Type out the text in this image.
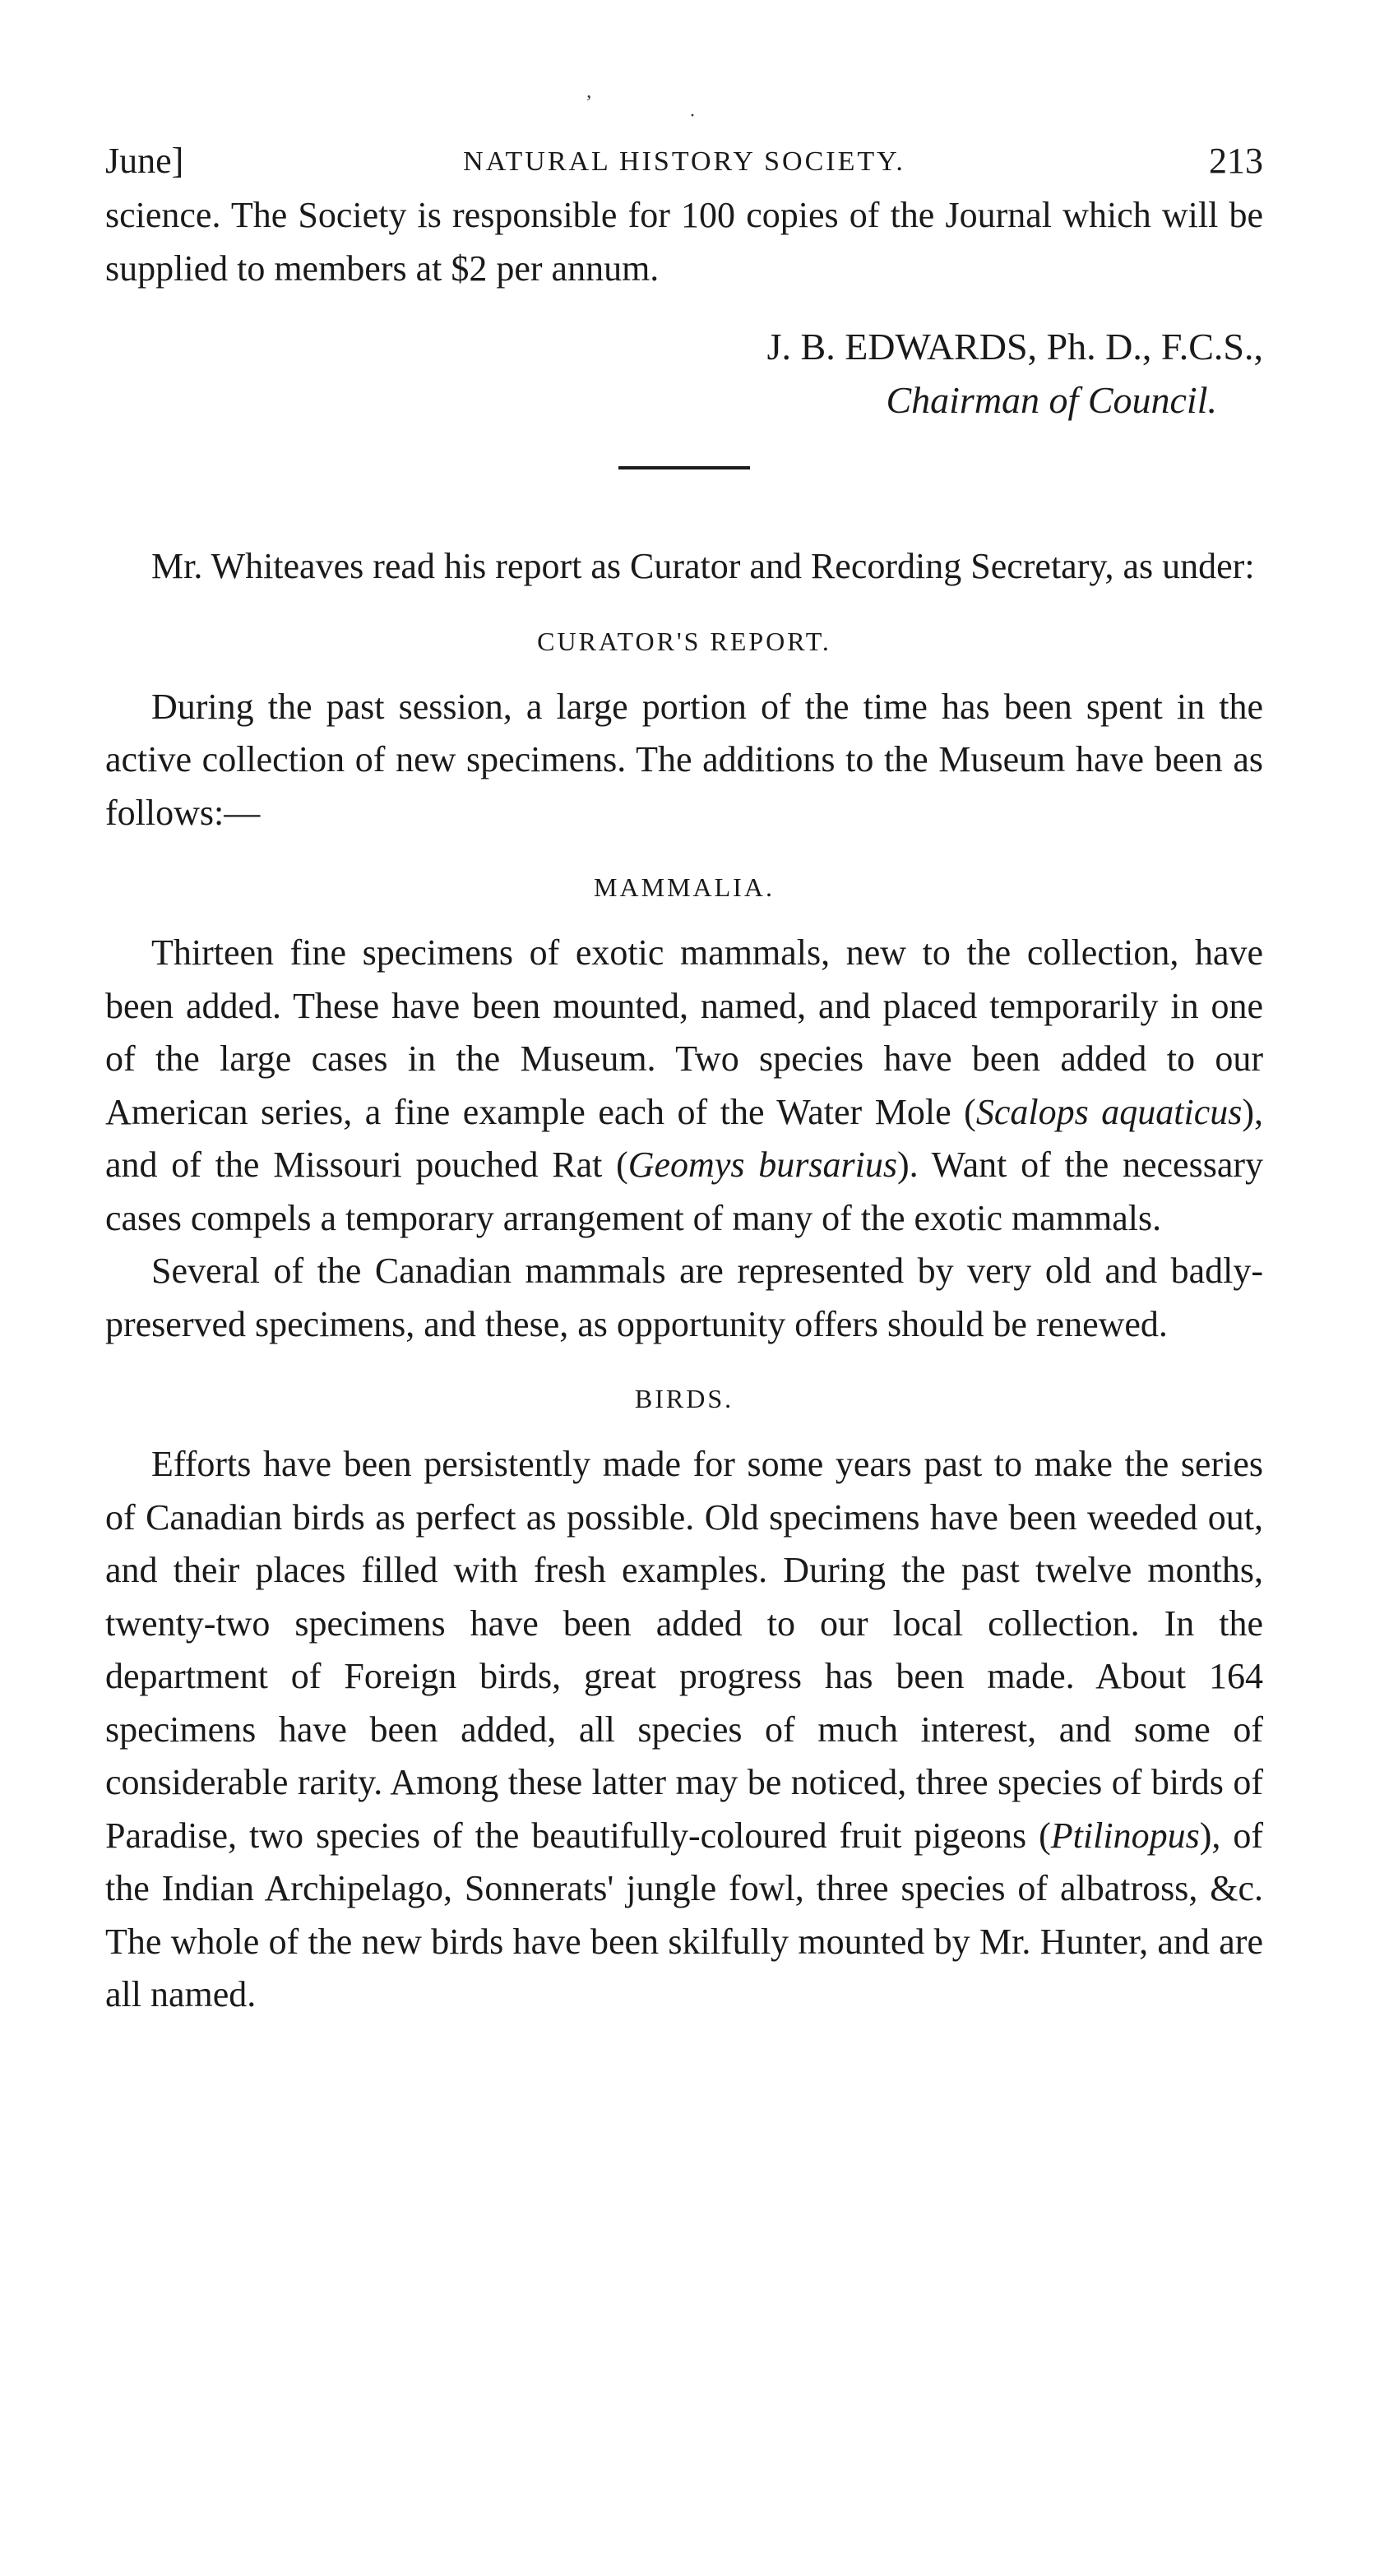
ʼ
·
June]	NATURAL HISTORY SOCIETY.	213

science. The Society is responsible for 100 copies of the Journal which will be supplied to members at $2 per annum.

J. B. EDWARDS, Ph. D., F.C.S.,
Chairman of Council.

Mr. Whiteaves read his report as Curator and Recording Secretary, as under:

CURATOR'S REPORT.

During the past session, a large portion of the time has been spent in the active collection of new specimens. The additions to the Museum have been as follows:—

MAMMALIA.

Thirteen fine specimens of exotic mammals, new to the collection, have been added. These have been mounted, named, and placed temporarily in one of the large cases in the Museum. Two species have been added to our American series, a fine example each of the Water Mole (Scalops aquaticus), and of the Missouri pouched Rat (Geomys bursarius). Want of the necessary cases compels a temporary arrangement of many of the exotic mammals.

Several of the Canadian mammals are represented by very old and badly-preserved specimens, and these, as opportunity offers should be renewed.

BIRDS.

Efforts have been persistently made for some years past to make the series of Canadian birds as perfect as possible. Old specimens have been weeded out, and their places filled with fresh examples. During the past twelve months, twenty-two specimens have been added to our local collection. In the department of Foreign birds, great progress has been made. About 164 specimens have been added, all species of much interest, and some of considerable rarity. Among these latter may be noticed, three species of birds of Paradise, two species of the beautifully-coloured fruit pigeons (Ptilinopus), of the Indian Archipelago, Sonnerats' jungle fowl, three species of albatross, &c. The whole of the new birds have been skilfully mounted by Mr. Hunter, and are all named.
